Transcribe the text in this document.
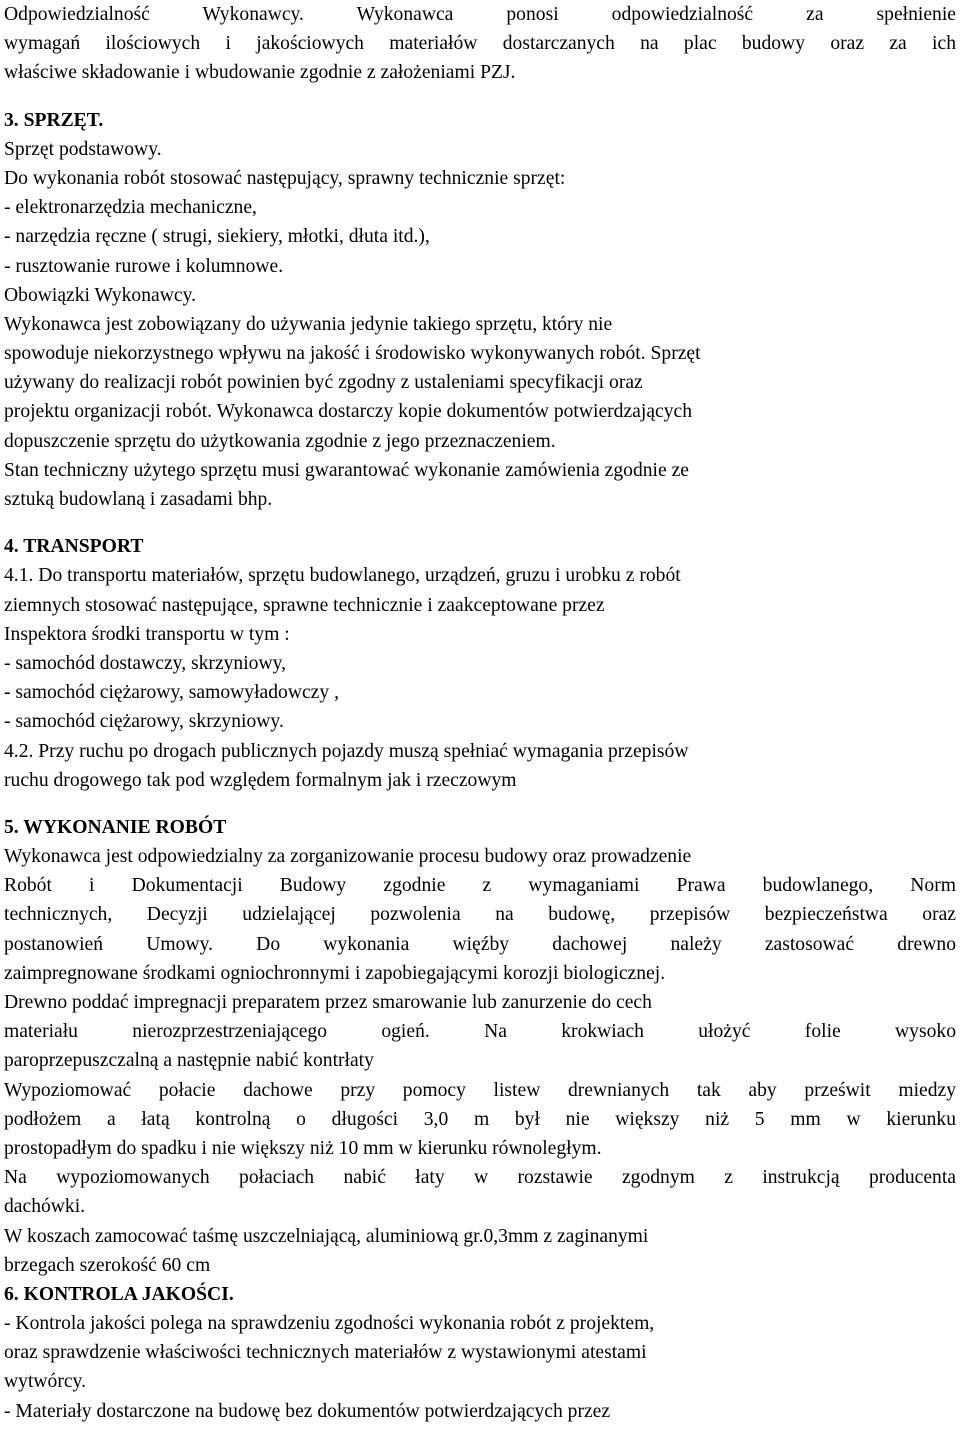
Odpowiedzialność Wykonawcy. Wykonawca ponosi odpowiedzialność za spełnienie
wymagań ilościowych i jakościowych materiałów dostarczanych na plac budowy oraz za ich
właściwe składowanie i wbudowanie zgodnie z założeniami PZJ.
3. SPRZĘT.
Sprzęt podstawowy.
Do wykonania robót stosować następujący, sprawny technicznie sprzęt:
- elektronarzędzia mechaniczne,
- narzędzia ręczne ( strugi, siekiery, młotki, dłuta itd.),
- rusztowanie rurowe i kolumnowe.
Obowiązki Wykonawcy.
Wykonawca jest zobowiązany do używania jedynie takiego sprzętu, który nie
spowoduje niekorzystnego wpływu na jakość i środowisko wykonywanych robót. Sprzęt
używany do realizacji robót powinien być zgodny z ustaleniami specyfikacji oraz
projektu organizacji robót. Wykonawca dostarczy kopie dokumentów potwierdzających
dopuszczenie sprzętu do użytkowania zgodnie z jego przeznaczeniem.
Stan techniczny użytego sprzętu musi gwarantować wykonanie zamówienia zgodnie ze
sztuką budowlaną i zasadami bhp.
4. TRANSPORT
4.1. Do transportu materiałów, sprzętu budowlanego, urządzeń, gruzu i urobku z robót
ziemnych stosować następujące, sprawne technicznie i zaakceptowane przez
Inspektora środki transportu w tym :
- samochód dostawczy, skrzyniowy,
- samochód ciężarowy, samowyładowczy ,
- samochód ciężarowy, skrzyniowy.
4.2. Przy ruchu po drogach publicznych pojazdy muszą spełniać wymagania przepisów
ruchu drogowego tak pod względem formalnym jak i rzeczowym
5. WYKONANIE ROBÓT
Wykonawca jest odpowiedzialny za zorganizowanie procesu budowy oraz prowadzenie
Robót i Dokumentacji Budowy zgodnie z wymaganiami Prawa budowlanego, Norm
technicznych, Decyzji udzielającej pozwolenia na budowę, przepisów bezpieczeństwa oraz
postanowień Umowy. Do wykonania więźby dachowej należy zastosować drewno
zaimpregnowane środkami ogniochronnymi i zapobiegającymi korozji biologicznej.
Drewno poddać impregnacji preparatem przez smarowanie lub zanurzenie do cech
materiału nierozprzestrzeniającego ogień. Na krokwiach ułożyć folie wysoko
paroprzepuszczalną a następnie nabić kontrłaty
Wypoziomować połacie dachowe przy pomocy listew drewnianych tak aby prześwit miedzy
podłożem a łatą kontrolną o długości 3,0 m był nie większy niż 5 mm w kierunku
prostopadłym do spadku i nie większy niż 10 mm w kierunku równoległym.
Na wypoziomowanych połaciach nabić łaty w rozstawie zgodnym z instrukcją producenta
dachówki.
W koszach zamocować taśmę uszczelniającą, aluminiową gr.0,3mm z zaginanymi
brzegach szerokość 60 cm
6. KONTROLA JAKOŚCI.
- Kontrola jakości polega na sprawdzeniu zgodności wykonania robót z projektem,
oraz sprawdzenie właściwości technicznych materiałów z wystawionymi atestami
wytwórcy.
- Materiały dostarczone na budowę bez dokumentów potwierdzających przez
